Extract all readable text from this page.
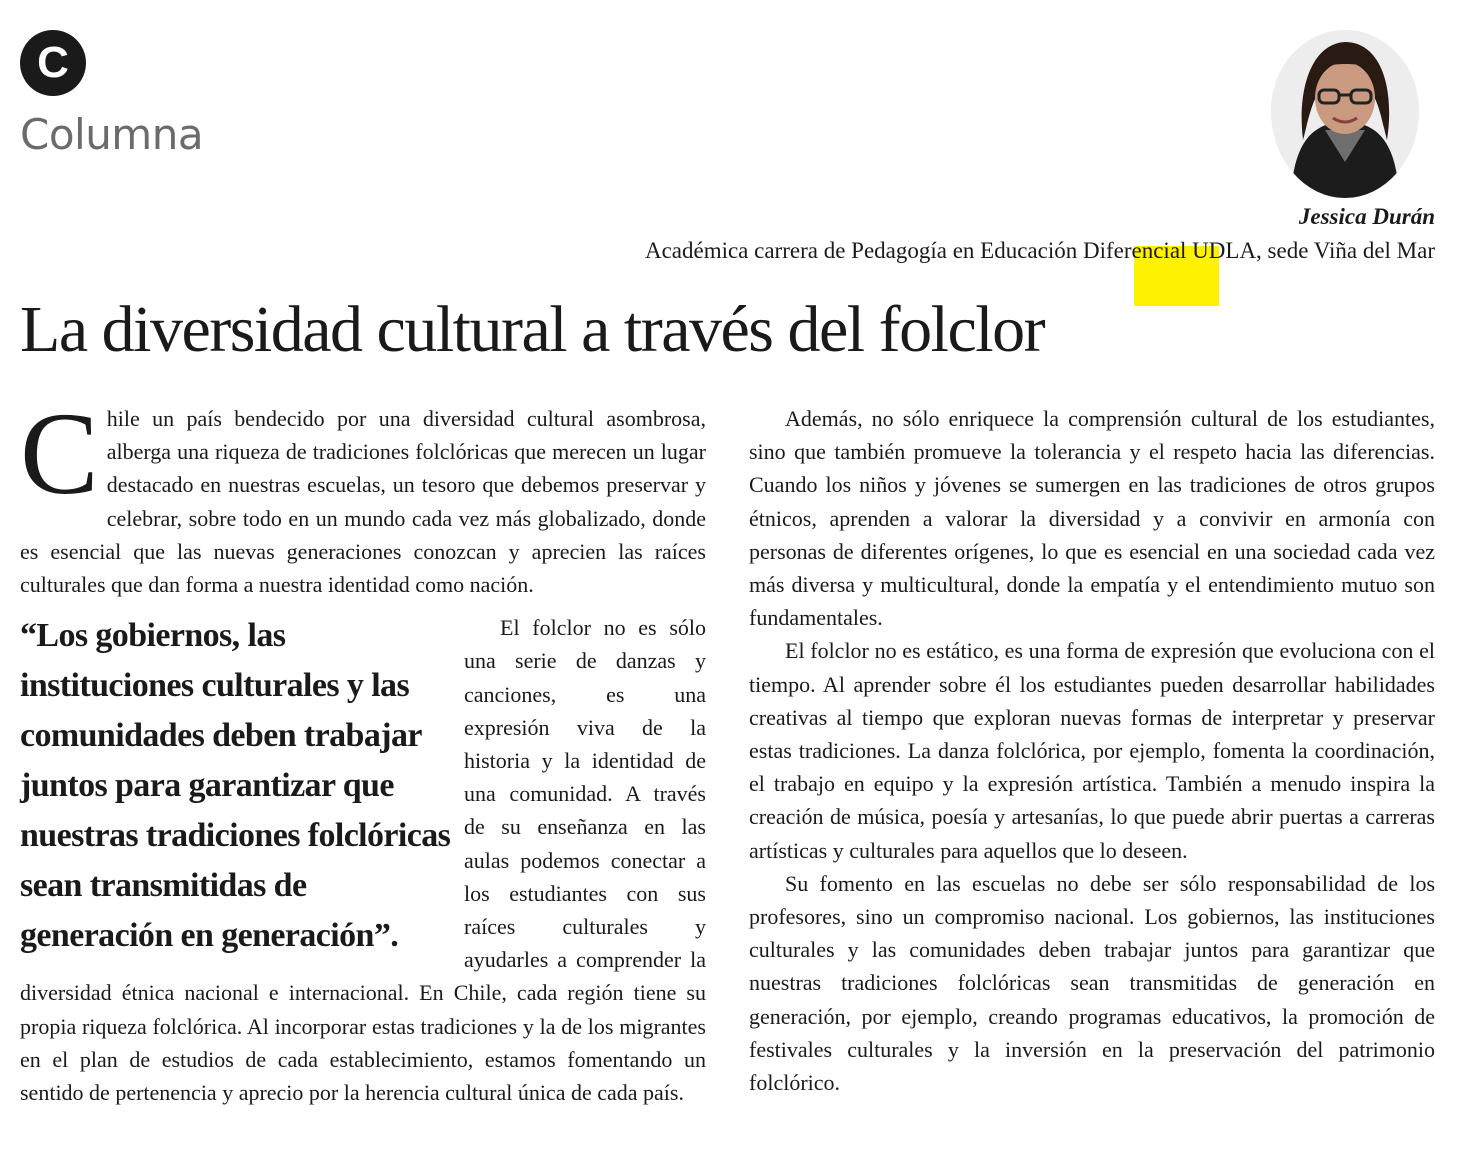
C
Columna
Jessica Durán
Académica carrera de Pedagogía en Educación Diferencial UDLA, sede Viña del Mar
La diversidad cultural a través del folclor

Chile un país bendecido por una diversidad cultural asombrosa, alberga una riqueza de tradiciones folclóricas que merecen un lugar destacado en nuestras escuelas, un tesoro que debemos preservar y celebrar, sobre todo en un mundo cada vez más globalizado, donde es esencial que las nuevas generaciones conozcan y aprecien las raíces culturales que dan forma a nuestra identidad como nación.

“Los gobiernos, las instituciones culturales y las comunidades deben trabajar juntos para garantizar que nuestras tradiciones folclóricas sean transmitidas de generación en generación”.

El folclor no es sólo una serie de danzas y canciones, es una expresión viva de la historia y la identidad de una comunidad. A través de su enseñanza en las aulas podemos conectar a los estudiantes con sus raíces culturales y ayudarles a comprender la diversidad étnica nacional e internacional. En Chile, cada región tiene su propia riqueza folclórica. Al incorporar estas tradiciones y la de los migrantes en el plan de estudios de cada establecimiento, estamos fomentando un sentido de pertenencia y aprecio por la herencia cultural única de cada país.

Además, no sólo enriquece la comprensión cultural de los estudiantes, sino que también promueve la tolerancia y el respeto hacia las diferencias. Cuando los niños y jóvenes se sumergen en las tradiciones de otros grupos étnicos, aprenden a valorar la diversidad y a convivir en armonía con personas de diferentes orígenes, lo que es esencial en una sociedad cada vez más diversa y multicultural, donde la empatía y el entendimiento mutuo son fundamentales.

El folclor no es estático, es una forma de expresión que evoluciona con el tiempo. Al aprender sobre él los estudiantes pueden desarrollar habilidades creativas al tiempo que exploran nuevas formas de interpretar y preservar estas tradiciones. La danza folclórica, por ejemplo, fomenta la coordinación, el trabajo en equipo y la expresión artística. También a menudo inspira la creación de música, poesía y artesanías, lo que puede abrir puertas a carreras artísticas y culturales para aquellos que lo deseen.

Su fomento en las escuelas no debe ser sólo responsabilidad de los profesores, sino un compromiso nacional. Los gobiernos, las instituciones culturales y las comunidades deben trabajar juntos para garantizar que nuestras tradiciones folclóricas sean transmitidas de generación en generación, por ejemplo, creando programas educativos, la promoción de festivales culturales y la inversión en la preservación del patrimonio folclórico.
